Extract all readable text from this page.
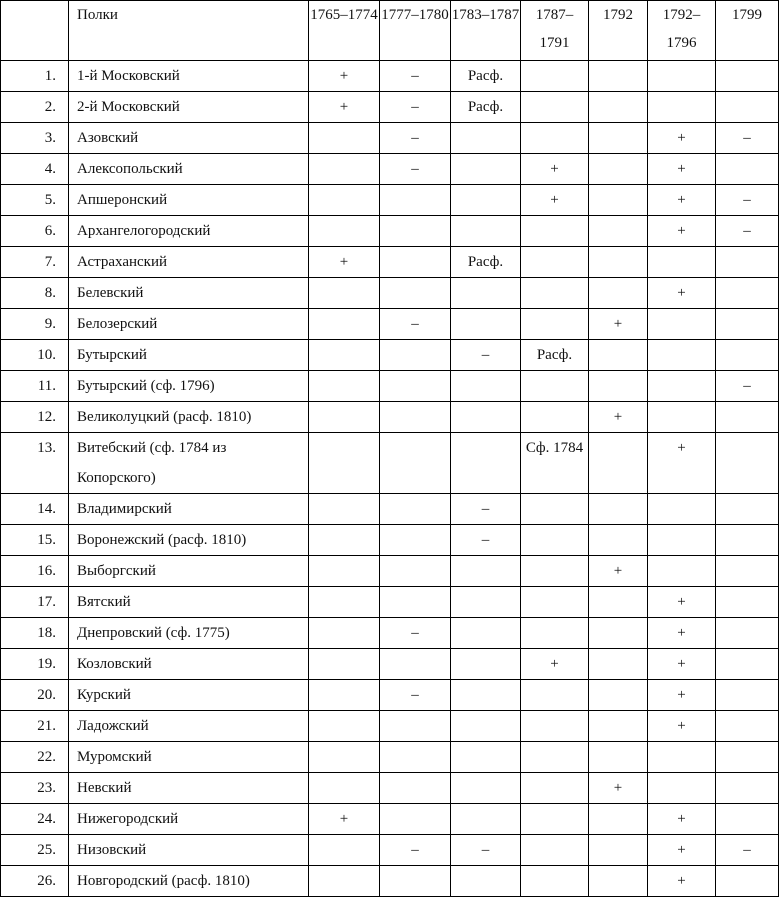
	Полки	1765–1774	1777–1780	1783–1787	1787–1791	1792	1792–1796	1799
1.	1-й Московский	+	–	Расф.				
2.	2-й Московский	+	–	Расф.				
3.	Азовский		–				+	–
4.	Алексопольский		–		+		+	
5.	Апшеронский				+		+	–
6.	Архангелогородский						+	–
7.	Астраханский	+		Расф.				
8.	Белевский						+	
9.	Белозерский		–			+		
10.	Бутырский			–	Расф.			
11.	Бутырский (сф. 1796)							–
12.	Великолуцкий (расф. 1810)					+		
13.	Витебский (сф. 1784 из Копорского)				Сф. 1784		+	
14.	Владимирский			–				
15.	Воронежский (расф. 1810)			–				
16.	Выборгский					+		
17.	Вятский						+	
18.	Днепровский (сф. 1775)		–				+	
19.	Козловский				+		+	
20.	Курский		–				+	
21.	Ладожский						+	
22.	Муромский							
23.	Невский					+		
24.	Нижегородский	+					+	
25.	Низовский		–	–			+	–
26.	Новгородский (расф. 1810)						+	
